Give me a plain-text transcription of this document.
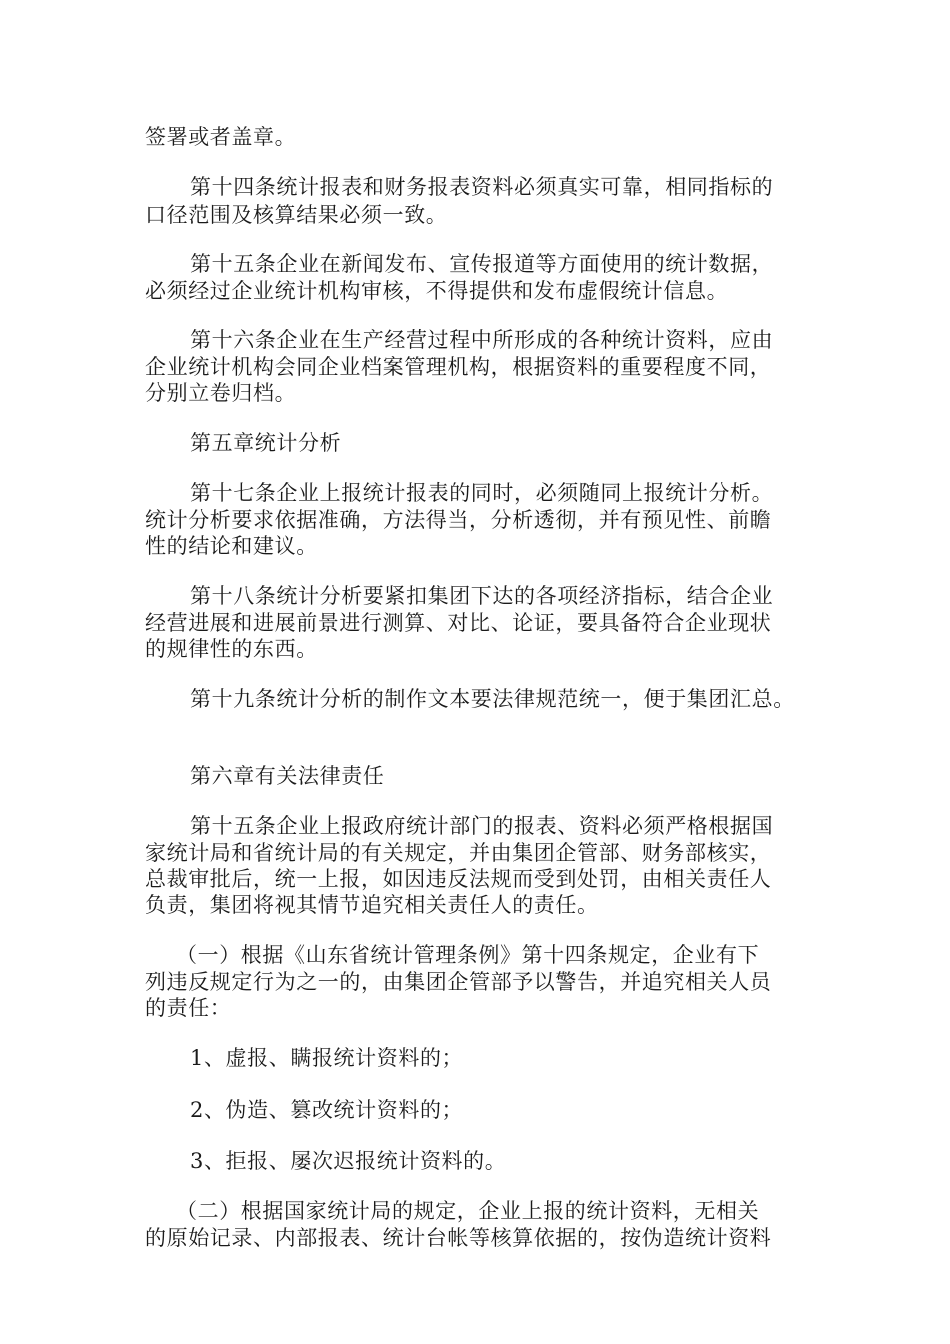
签署或者盖章。
第十四条统计报表和财务报表资料必须真实可靠，相同指标的
口径范围及核算结果必须一致。
第十五条企业在新闻发布、宣传报道等方面使用的统计数据，
必须经过企业统计机构审核，不得提供和发布虚假统计信息。
第十六条企业在生产经营过程中所形成的各种统计资料，应由
企业统计机构会同企业档案管理机构，根据资料的重要程度不同，
分别立卷归档。
第五章统计分析
第十七条企业上报统计报表的同时，必须随同上报统计分析。
统计分析要求依据准确，方法得当，分析透彻，并有预见性、前瞻
性的结论和建议。
第十八条统计分析要紧扣集团下达的各项经济指标，结合企业
经营进展和进展前景进行测算、对比、论证，要具备符合企业现状
的规律性的东西。
第十九条统计分析的制作文本要法律规范统一，便于集团汇总。
第六章有关法律责任
第十五条企业上报政府统计部门的报表、资料必须严格根据国
家统计局和省统计局的有关规定，并由集团企管部、财务部核实，
总裁审批后，统一上报，如因违反法规而受到处罚，由相关责任人
负责，集团将视其情节追究相关责任人的责任。
（一）根据《山东省统计管理条例》第十四条规定，企业有下
列违反规定行为之一的，由集团企管部予以警告，并追究相关人员
的责任：
1、虚报、瞒报统计资料的；
2、伪造、篡改统计资料的；
3、拒报、屡次迟报统计资料的。
（二）根据国家统计局的规定，企业上报的统计资料，无相关
的原始记录、内部报表、统计台帐等核算依据的，按伪造统计资料
